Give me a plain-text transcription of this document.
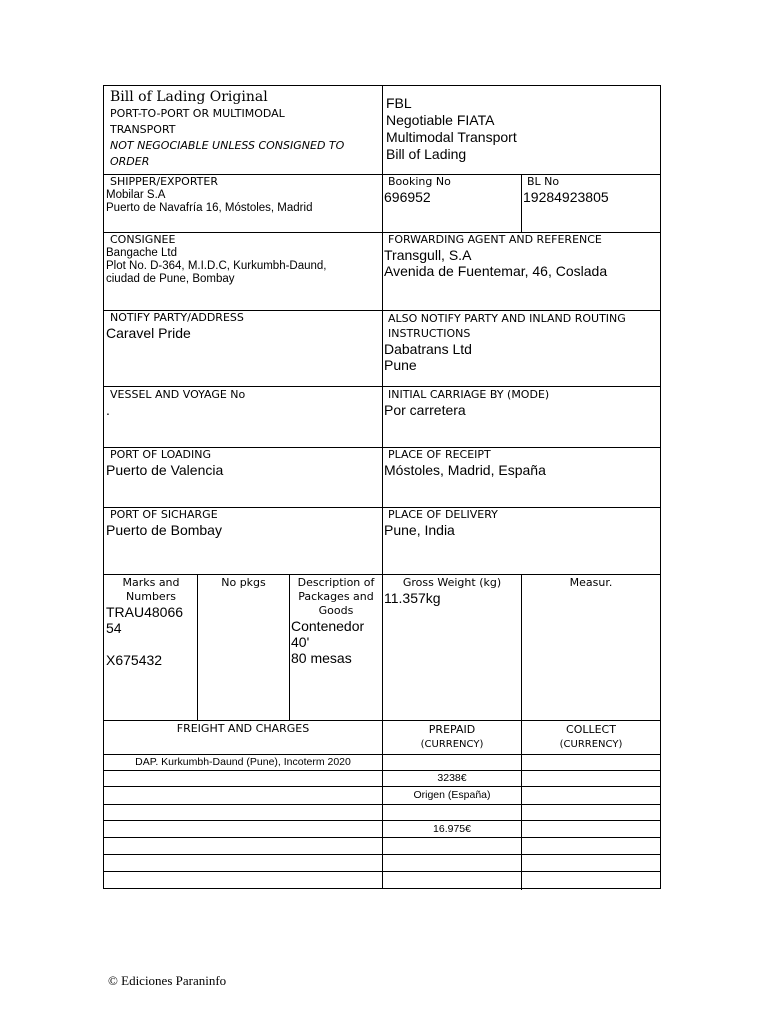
Bill of Lading Original
PORT-TO-PORT OR MULTIMODAL
TRANSPORT
NOT NEGOCIABLE UNLESS CONSIGNED TO
ORDER
FBL
Negotiable FIATA
Multimodal Transport
Bill of Lading
SHIPPER/EXPORTER
Mobilar S.A
Puerto de Navafría 16, Móstoles, Madrid
Booking No
696952
BL No
19284923805
CONSIGNEE
Bangache Ltd
Plot No. D-364, M.I.D.C, Kurkumbh-Daund,
ciudad de Pune, Bombay
FORWARDING AGENT AND REFERENCE
Transgull, S.A
Avenida de Fuentemar, 46, Coslada
NOTIFY PARTY/ADDRESS
Caravel Pride
ALSO NOTIFY PARTY AND INLAND ROUTING
INSTRUCTIONS
Dabatrans Ltd
Pune
VESSEL AND VOYAGE No
.
INITIAL CARRIAGE BY (MODE)
Por carretera
PORT OF LOADING
Puerto de Valencia
PLACE OF RECEIPT
Móstoles, Madrid, España
PORT OF SICHARGE
Puerto de Bombay
PLACE OF DELIVERY
Pune, India
Marks and
Numbers
TRAU48066
54
X675432
No pkgs	Description of
Packages and
Goods
Contenedor
40'
80 mesas
Gross Weight (kg)
11.357kg
Measur.
FREIGHT AND CHARGES	PREPAID
(CURRENCY)
COLLECT
(CURRENCY)
DAP. Kurkumbh-Daund (Pune), Incoterm 2020
3238€
Origen (España)
16.975€
© Ediciones Paraninfo
